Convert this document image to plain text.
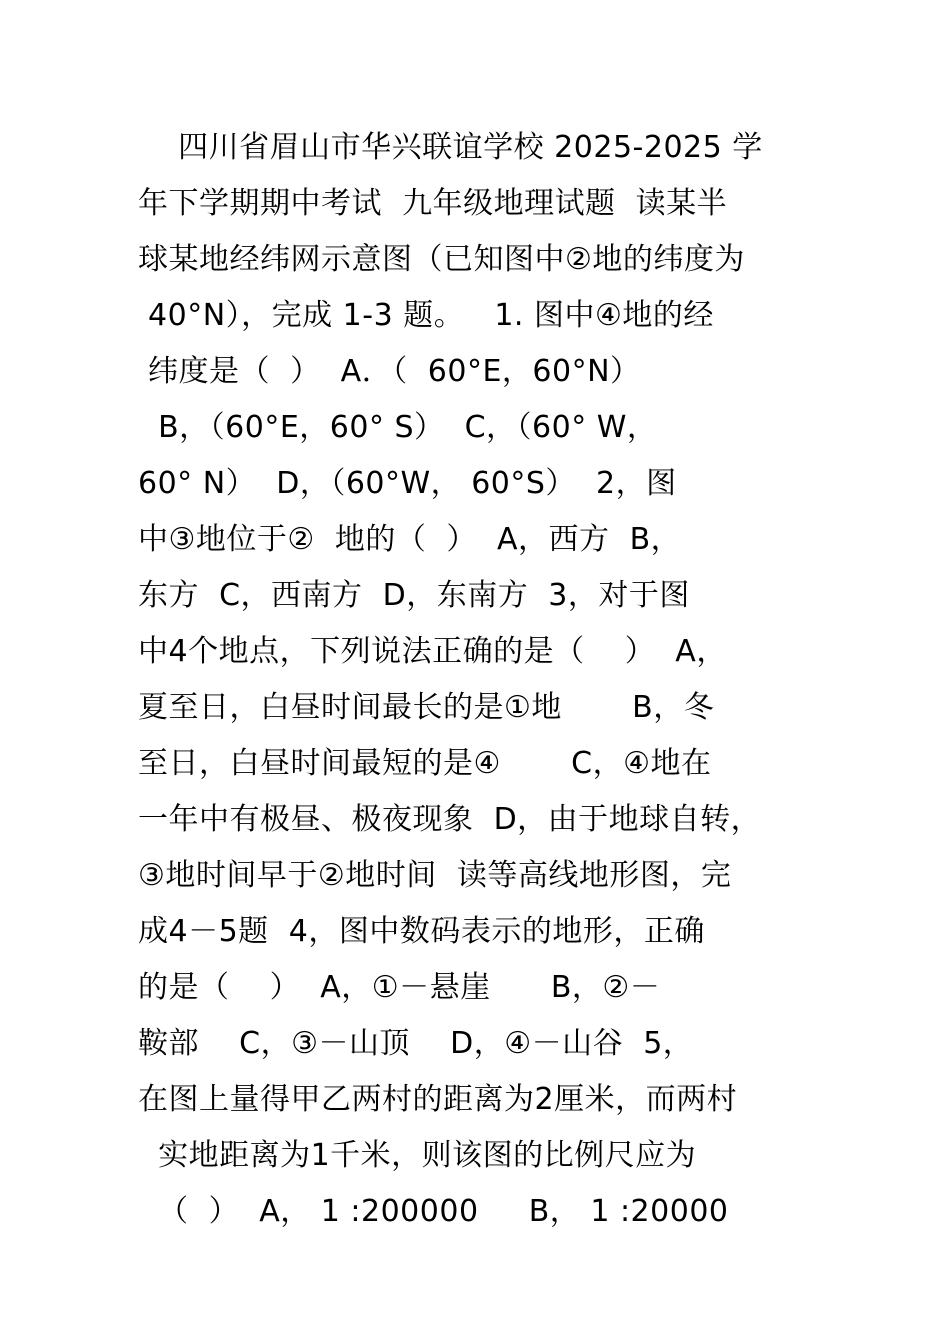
四川省眉山市华兴联谊学校 2025-2025 学
年下学期期中考试  九年级地理试题  读某半
球某地经纬网示意图（已知图中②地的纬度为
40°N），完成 1-3 题。   1. 图中④地的经
纬度是（  ）  A．（  60°E，60°N）
B，（60°E，60° S）  C，（60° W，
60° N）  D，（60°W， 60°S）  2，图
中③地位于②  地的（  ）  A，西方  B，
东方  C，西南方  D，东南方  3，对于图
中4个地点，下列说法正确的是（    ）  A，
夏至日，白昼时间最长的是①地       B，冬
至日，白昼时间最短的是④       C，④地在
一年中有极昼、极夜现象  D，由于地球自转，
③地时间早于②地时间  读等高线地形图，完
成4－5题  4，图中数码表示的地形，正确
的是（    ）  A，①－悬崖      B，②－
鞍部    C，③－山顶    D，④－山谷  5，
在图上量得甲乙两村的距离为2厘米，而两村
实地距离为1千米，则该图的比例尺应为
（  ）  A， 1 :200000     B， 1 :20000
